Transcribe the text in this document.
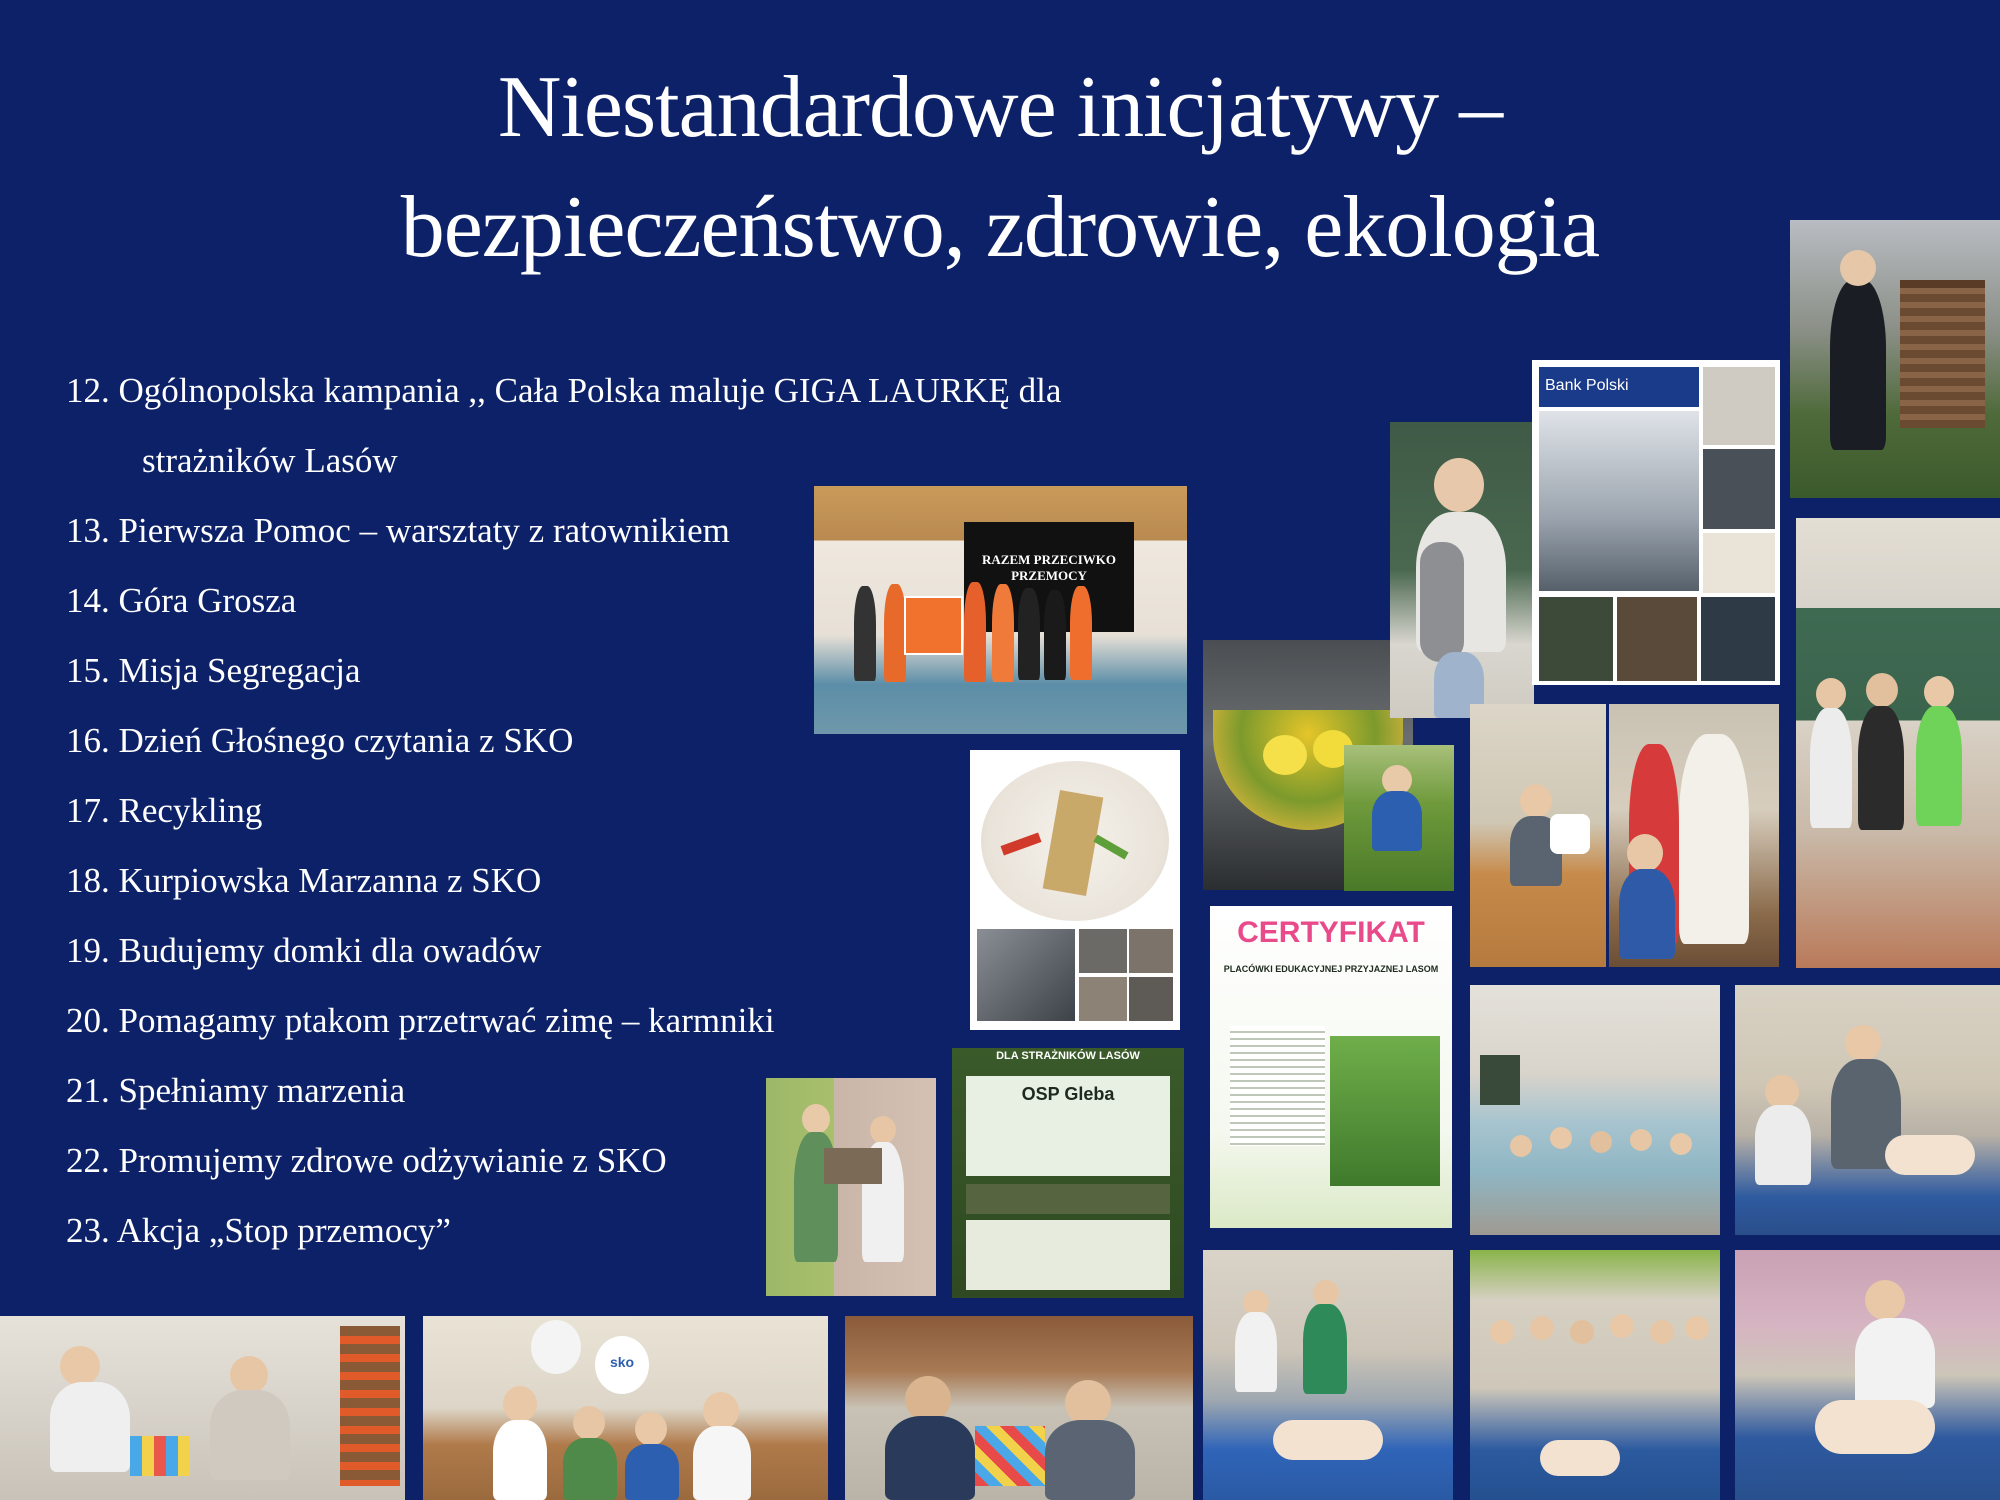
Niestandardowe inicjatywy –
bezpieczeństwo, zdrowie, ekologia
12. Ogólnopolska kampania ,, Cała Polska maluje GIGA LAURKĘ dla
strażników Lasów
13. Pierwsza Pomoc – warsztaty z ratownikiem
14. Góra Grosza
15. Misja Segregacja
16. Dzień Głośnego czytania z SKO
17. Recykling
18. Kurpiowska Marzanna z SKO
19. Budujemy domki dla owadów
20. Pomagamy ptakom przetrwać zimę – karmniki
21. Spełniamy marzenia
22. Promujemy zdrowe odżywianie z SKO
23. Akcja „Stop przemocy”
RAZEM PRZECIWKO PRZEMOCY
Bank Polski
CERTYFIKAT
PLACÓWKI EDUKACYJNEJ PRZYJAZNEJ LASOM
DLA STRAŻNIKÓW LASÓW
OSP Gleba
sko
